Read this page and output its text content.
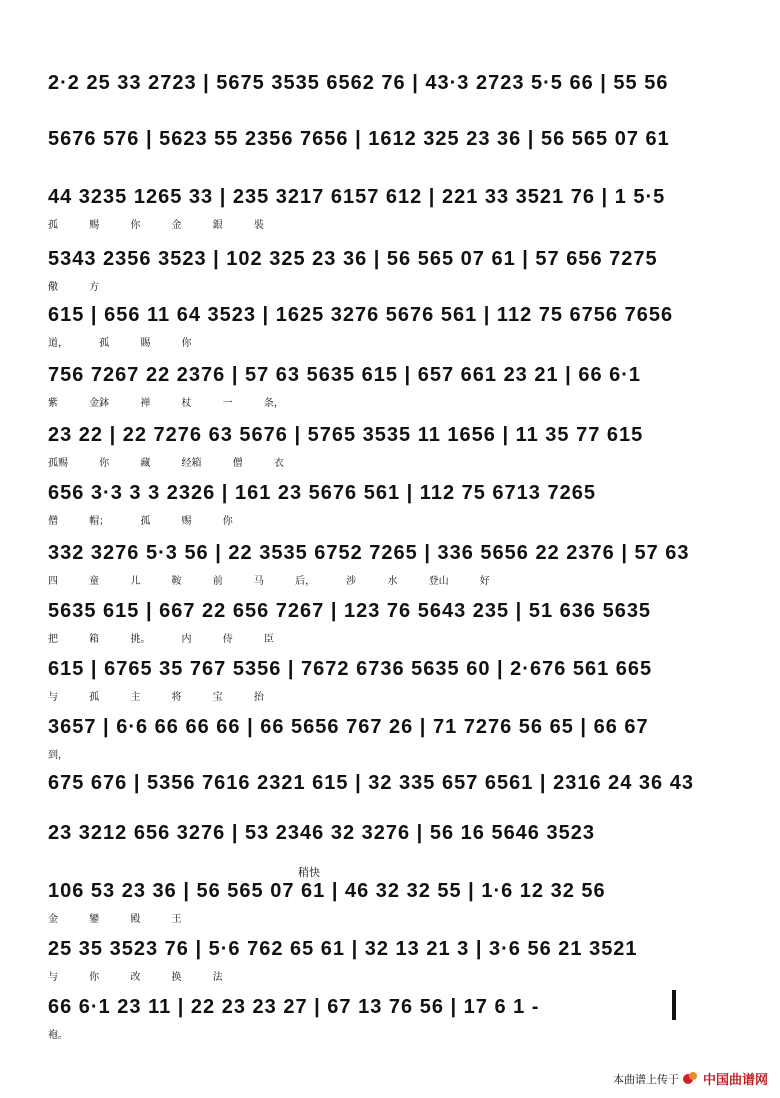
2·2 25 33 2723 | 5675 3535 6562 76 | 43·3 2723 5·5 66 | 55 56
5676 576 | 5623 55 2356 7656 | 1612 325 23 36 | 56 565 07 61
44 3235 1265 33 | 235 3217 6157 612 | 221 33 3521 76 | 1 5·5
孤 赐 你 金 銀 裝
5343 2356 3523 | 102 325 23 36 | 56 565 07 61 | 57 656 7275
儆 方
615 | 656 11 64 3523 | 1625 3276 5676 561 | 112 75 6756 7656
道， 孤 賜 你
756 7267 22 2376 | 57 63 5635 615 | 657 661 23 21 | 66 6·1
紫 金鉢 禅 杖 一 条，
23 22 | 22 7276 63 5676 | 5765 3535 11 1656 | 11 35 77 615
孤赐 你 藏 经箱 僧 衣
656 3·3 3 3 2326 | 161 23 5676 561 | 112 75 6713 7265
僧 帽； 孤 赐 你
332 3276 5·3 56 | 22 3535 6752 7265 | 336 5656 22 2376 | 57 63
四 童 儿 鞍 前 马 后， 涉 水 登山 好
5635 615 | 667 22 656 7267 | 123 76 5643 235 | 51 636 5635
把 箱 挑。 内 侍 臣
615 | 6765 35 767 5356 | 7672 6736 5635 60 | 2·676 561 665
与 孤 主 将 宝 抬
3657 | 6·6 66 66 66 | 66 5656 767 26 | 71 7276 56 65 | 66 67
到，
675 676 | 5356 7616 2321 615 | 32 335 657 6561 | 2316 24 36 43
23 3212 656 3276 | 53 2346 32 3276 | 56 16 5646 3523
稍快
106 53 23 36 | 56 565 07 61 | 46 32 32 55 | 1·6 12 32 56
金 鑾 殿 王
25 35 3523 76 | 5·6 762 65 61 | 32 13 21 3 | 3·6 56 21 3521
与 你 改 换 法
66 6·1 23 11 | 22 23 23 27 | 67 13 76 56 | 17 6 1 -
袍。
本曲谱上传于 中国曲谱网
